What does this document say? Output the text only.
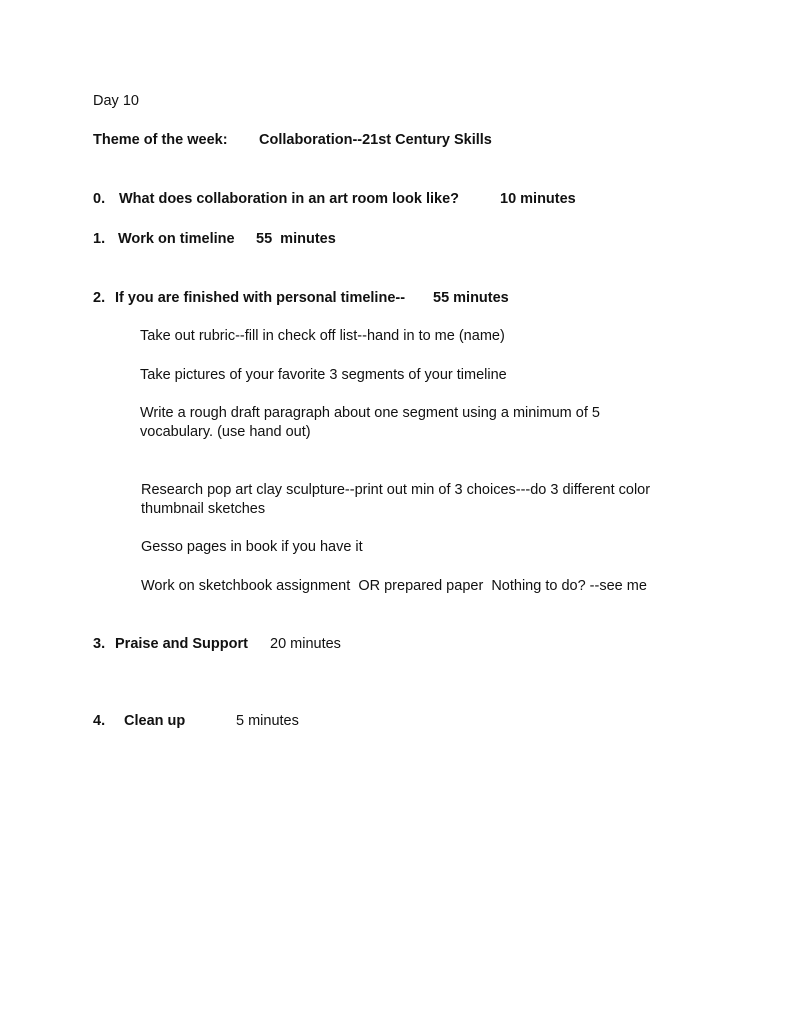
Day 10
Theme of the week: Collaboration--21st Century Skills
0. What does collaboration in an art room look like?	10 minutes
1. Work on timeline 55  minutes
2. If you are finished with personal timeline-- 55 minutes
Take out rubric--fill in check off list--hand in to me (name)
Take pictures of your favorite 3 segments of your timeline
Write a rough draft paragraph about one segment using a minimum of 5
vocabulary. (use hand out)
Research pop art clay sculpture--print out min of 3 choices---do 3 different color
thumbnail sketches
Gesso pages in book if you have it
Work on sketchbook assignment  OR prepared paper  Nothing to do? --see me
3. Praise and Support 20 minutes
4. Clean up	5 minutes
